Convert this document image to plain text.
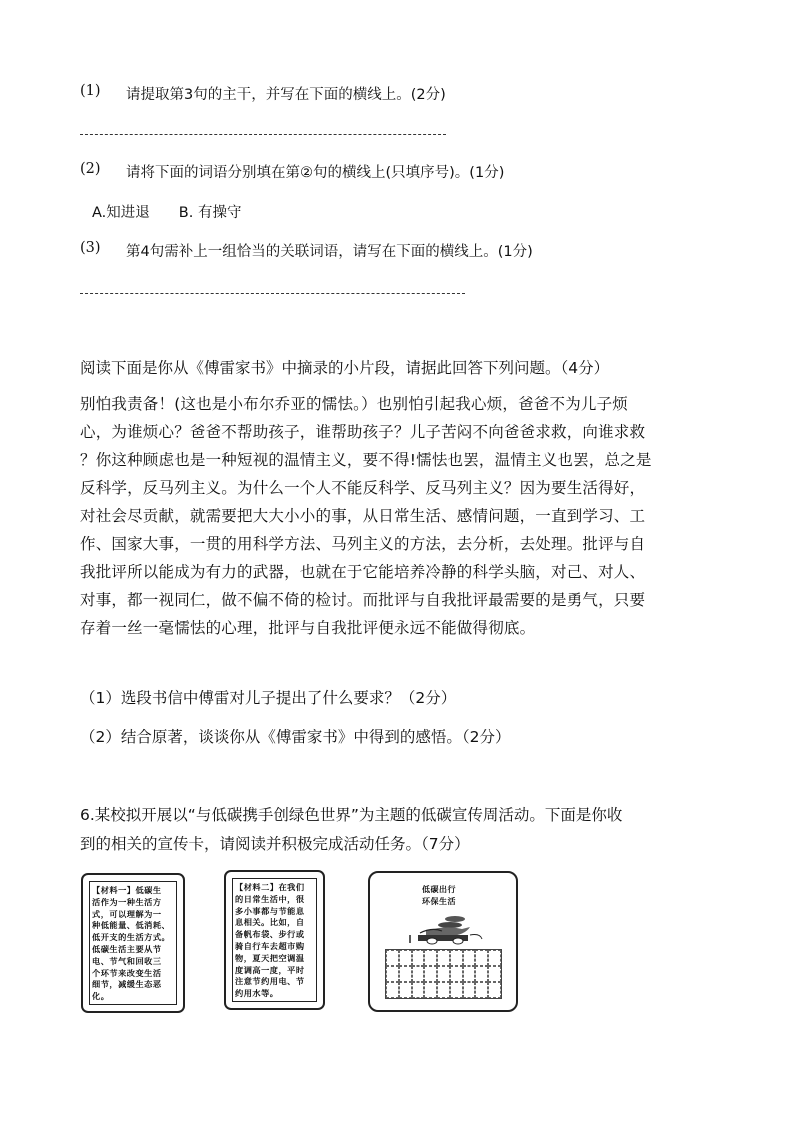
(1) 请提取第3句的主干，并写在下面的横线上。(2分)
(2) 请将下面的词语分别填在第②句的横线上(只填序号)。(1分)
A.知进退　　B. 有操守
(3) 第4句需补上一组恰当的关联词语，请写在下面的横线上。(1分)
阅读下面是你从《傅雷家书》中摘录的小片段，请据此回答下列问题。（4分）
别怕我责备！(这也是小布尔乔亚的懦怯。）也别怕引起我心烦，爸爸不为儿子烦
心，为谁烦心？爸爸不帮助孩子，谁帮助孩子？儿子苦闷不向爸爸求救，向谁求救
？你这种顾虑也是一种短视的温情主义，要不得!懦怯也罢，温情主义也罢，总之是
反科学，反马列主义。为什么一个人不能反科学、反马列主义？因为要生活得好，
对社会尽贡献，就需要把大大小小的事，从日常生活、感情问题，一直到学习、工
作、国家大事，一贯的用科学方法、马列主义的方法，去分析，去处理。批评与自
我批评所以能成为有力的武器，也就在于它能培养冷静的科学头脑，对己、对人、
对事，都一视同仁，做不偏不倚的检讨。而批评与自我批评最需要的是勇气，只要
存着一丝一毫懦怯的心理，批评与自我批评便永远不能做得彻底。
（1）选段书信中傅雷对儿子提出了什么要求？（2分）
（2）结合原著，谈谈你从《傅雷家书》中得到的感悟。（2分）
6.某校拟开展以“与低碳携手创绿色世界”为主题的低碳宣传周活动。下面是你收
到的相关的宣传卡，请阅读并积极完成活动任务。（7分）
【材料一】低碳生
活作为一种生活方
式，可以理解为一
种低能量、低消耗、
低开支的生活方式。
低碳生活主要从节
电、节气和回收三
个环节来改变生活
细节，减缓生态恶化。
【材料二】在我们
的日常生活中，很
多小事都与节能息
息相关。比如，自
备帆布袋、步行或
骑自行车去超市购
物，夏天把空调温
度调高一度，平时
注意节约用电、节
约用水等。
低碳出行
环保生活
